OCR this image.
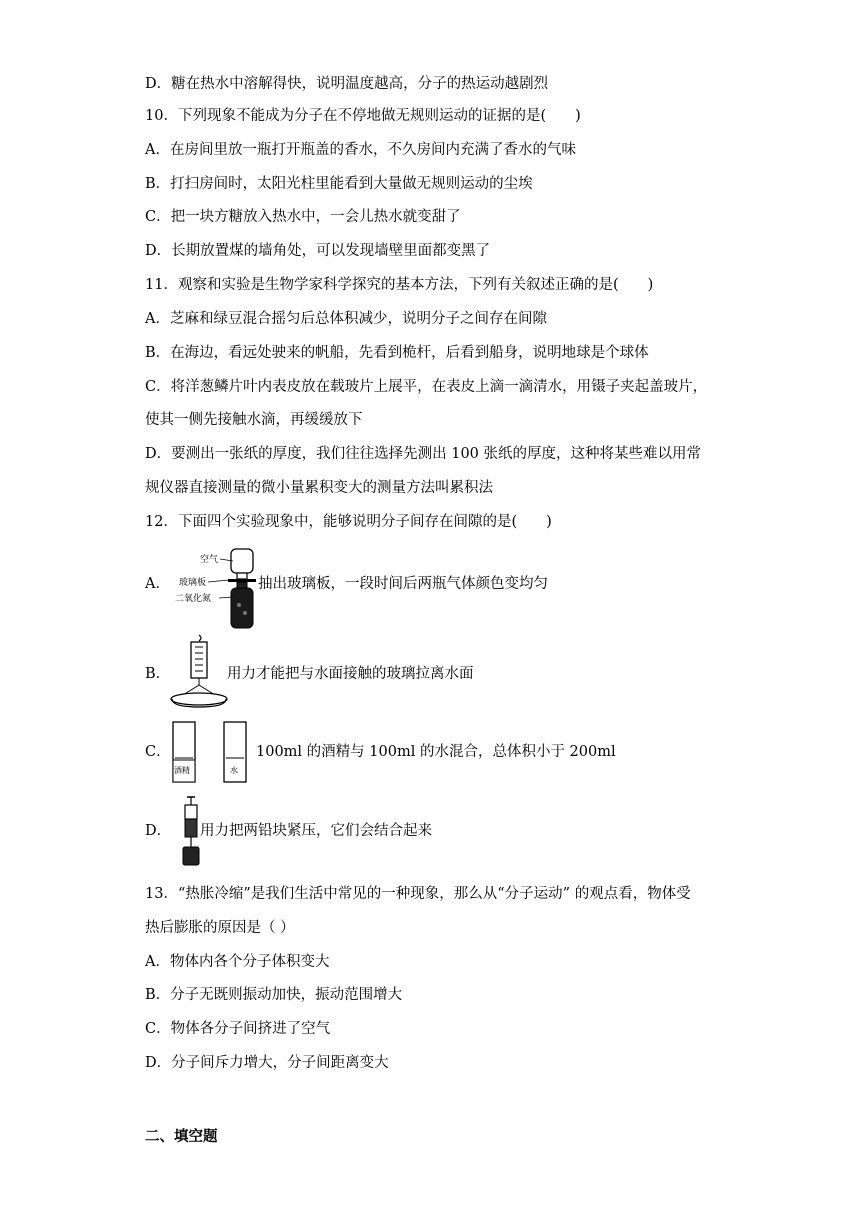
D．糖在热水中溶解得快，说明温度越高，分子的热运动越剧烈
10．下列现象不能成为分子在不停地做无规则运动的证据的是(　　)
A．在房间里放一瓶打开瓶盖的香水，不久房间内充满了香水的气味
B．打扫房间时，太阳光柱里能看到大量做无规则运动的尘埃
C．把一块方糖放入热水中，一会儿热水就变甜了
D．长期放置煤的墙角处，可以发现墙壁里面都变黑了
11．观察和实验是生物学家科学探究的基本方法，下列有关叙述正确的是(　　)
A．芝麻和绿豆混合摇匀后总体积减少，说明分子之间存在间隙
B．在海边，看远处驶来的帆船，先看到桅杆，后看到船身，说明地球是个球体
C．将洋葱鳞片叶内表皮放在载玻片上展平，在表皮上滴一滴清水，用镊子夹起盖玻片，
使其一侧先接触水滴，再缓缓放下
D．要测出一张纸的厚度，我们往往选择先测出 100 张纸的厚度，这种将某些难以用常
规仪器直接测量的微小量累积变大的测量方法叫累积法
12．下面四个实验现象中，能够说明分子间存在间隙的是(　　)
A．
空气
玻璃板
二氧化氮
抽出玻璃板，一段时间后两瓶气体颜色变均匀
B．	用力才能把与水面接触的玻璃拉离水面
C．
酒精	水
100ml 的酒精与 100ml 的水混合，总体积小于 200ml
D． 用力把两铅块紧压，它们会结合起来
13．“热胀冷缩”是我们生活中常见的一种现象，那么从“分子运动” 的观点看，物体受
热后膨胀的原因是（ ）
A．物体内各个分子体积变大
B．分子无既则振动加快，振动范围增大
C．物体各分子间挤进了空气
D．分子间斥力增大，分子间距离变大
二、填空题
